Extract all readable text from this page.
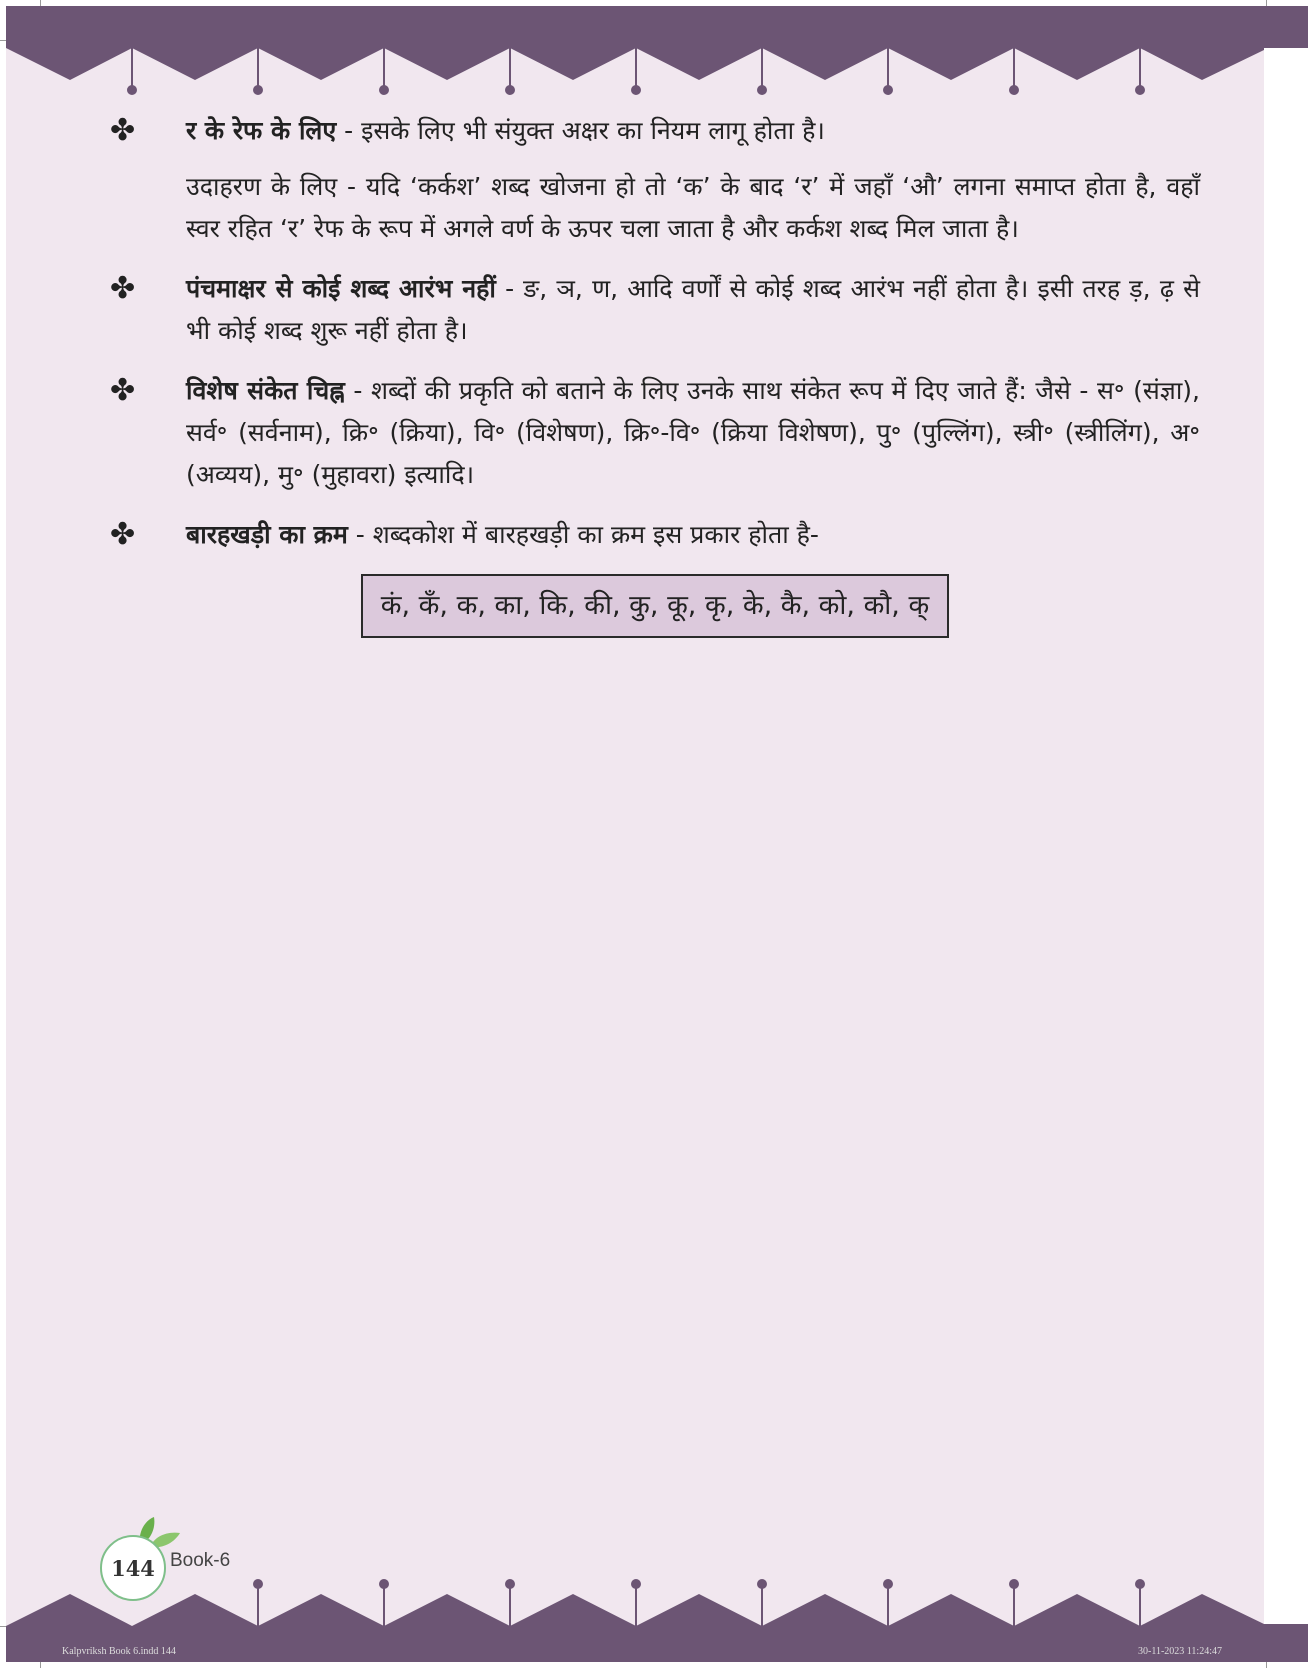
✤ र के रेफ के लिए - इसके लिए भी संयुक्त अक्षर का नियम लागू होता है।
उदाहरण के लिए - यदि ‘कर्कश’ शब्द खोजना हो तो ‘क’ के बाद ‘र’ में जहाँ ‘औ’ लगना समाप्त होता है, वहाँ स्वर रहित ‘र’ रेफ के रूप में अगले वर्ण के ऊपर चला जाता है और कर्कश शब्द मिल जाता है।
✤ पंचमाक्षर से कोई शब्द आरंभ नहीं - ङ, ञ, ण, आदि वर्णों से कोई शब्द आरंभ नहीं होता है। इसी तरह ड़, ढ़ से भी कोई शब्द शुरू नहीं होता है।
✤ विशेष संकेत चिह्न - शब्दों की प्रकृति को बताने के लिए उनके साथ संकेत रूप में दिए जाते हैं: जैसे - स॰ (संज्ञा), सर्व॰ (सर्वनाम), क्रि॰ (क्रिया), वि॰ (विशेषण), क्रि॰-वि॰ (क्रिया विशेषण), पु॰ (पुल्लिंग), स्त्री॰ (स्त्रीलिंग), अ॰ (अव्यय), मु॰ (मुहावरा) इत्यादि।
✤ बारहखड़ी का क्रम - शब्दकोश में बारहखड़ी का क्रम इस प्रकार होता है-
कं, कँ, क, का, कि, की, कु, कू, कृ, के, कै, को, कौ, क्
144 Book-6
Kalpvriksh Book 6.indd 144	30-11-2023 11:24:47
